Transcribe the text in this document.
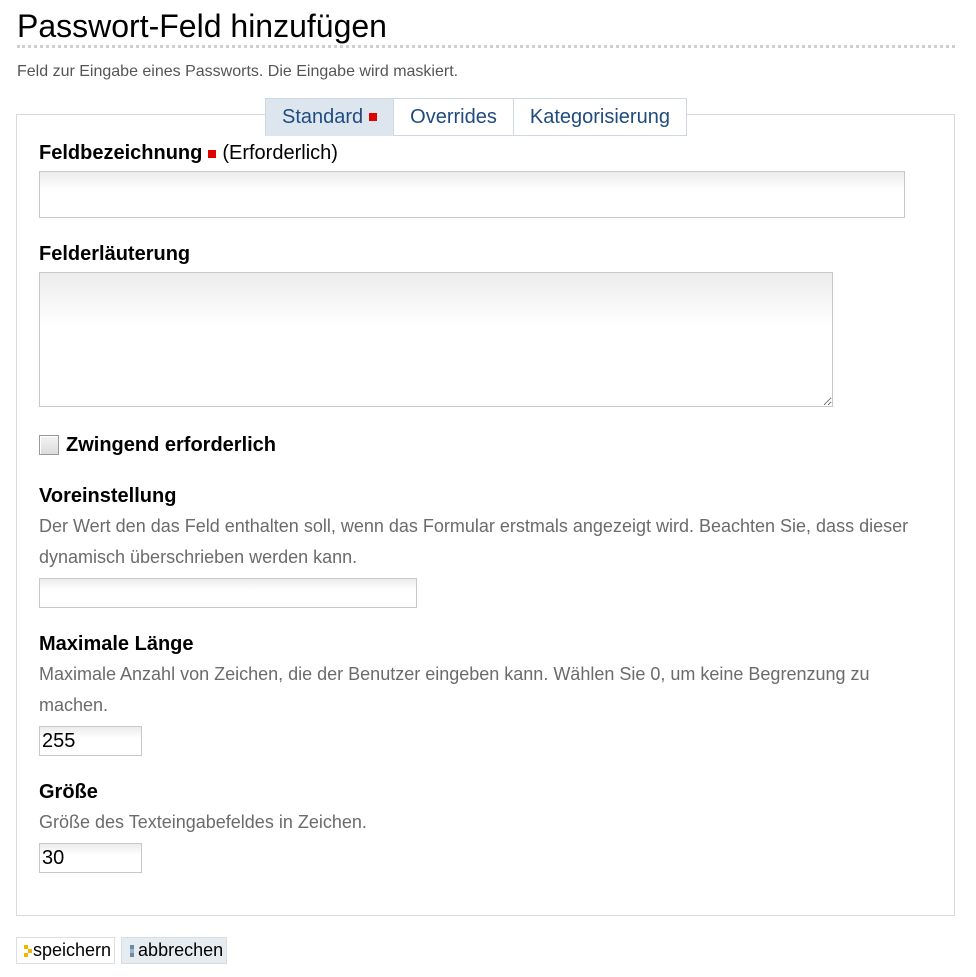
Passwort-Feld hinzufügen
Feld zur Eingabe eines Passworts. Die Eingabe wird maskiert.
Standard Overrides Kategorisierung
Feldbezeichnung (Erforderlich)
Felderläuterung
Zwingend erforderlich
Voreinstellung
Der Wert den das Feld enthalten soll, wenn das Formular erstmals angezeigt wird. Beachten Sie, dass dieser dynamisch überschrieben werden kann.
Maximale Länge
Maximale Anzahl von Zeichen, die der Benutzer eingeben kann. Wählen Sie 0, um keine Begrenzung zu machen.
255
Größe
Größe des Texteingabefeldes in Zeichen.
30
speichern abbrechen
